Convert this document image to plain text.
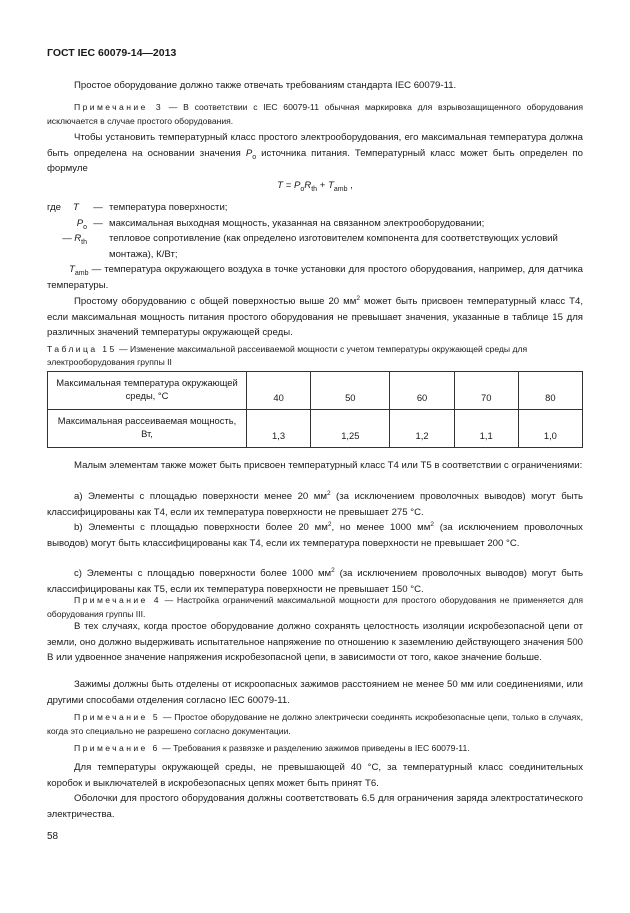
ГОСТ IEC 60079-14—2013

Простое оборудование должно также отвечать требованиям стандарта IEC 60079-11.

Примечание 3 — В соответствии с IEC 60079-11 обычная маркировка для взрывозащищенного оборудования исключается в случае простого оборудования.

Чтобы установить температурный класс простого электрооборудования, его максимальная температура должна быть определена на основании значения $P_o$ источника питания. Температурный класс может быть определен по формуле

$T = P_oR_{th} + T_{amb}$ ,
где T — температура поверхности;
$P_o$ — максимальная выходная мощность, указанная на связанном электрооборудовании;
$R_{th}—$	тепловое сопротивление (как определено изготовителем компонента для соответствующих условий монтажа), К/Вт;
$T_{amb}$ — температура окружающего воздуха в точке установки для простого оборудования, например, для датчика температуры.

Простому оборудованию с общей поверхностью выше 20 $мм^2$ может быть присвоен температурный класс Т4, если максимальная мощность питания простого оборудования не превышает значения, указанные в таблице 15 для различных значений температуры окружающей среды.

Таблица 15 — Изменение максимальной рассеиваемой мощности с учетом температуры окружающей среды для электрооборудования группы II
Максимальная температура окружающей среды, °С	40	50	60	70	80
Максимальная рассеиваемая мощность, Вт,	1,3	1,25	1,2	1,1	1,0

Малым элементам также может быть присвоен температурный класс Т4 или Т5 в соответствии с ограничениями:

a) Элементы с площадью поверхности менее 20 $мм^2$ (за исключением проволочных выводов) могут быть классифицированы как Т4, если их температура поверхности не превышает 275 °С.

b) Элементы с площадью поверхности более 20 $мм^2$, но менее 1000 $мм^2$ (за исключением проволочных выводов) могут быть классифицированы как Т4, если их температура поверхности не превышает 200 °С.

c) Элементы с площадью поверхности более 1000 $мм^2$ (за исключением проволочных выводов) могут быть классифицированы как Т5, если их температура поверхности не превышает 150 °С.

Примечание 4 — Настройка ограничений максимальной мощности для простого оборудования не применяется для оборудования группы III.

В тех случаях, когда простое оборудование должно сохранять целостность изоляции искробезопасной цепи от земли, оно должно выдерживать испытательное напряжение по отношению к заземлению действующего значения 500 В или удвоенное значение напряжения искробезопасной цепи, в зависимости от того, какое значение больше.

Зажимы должны быть отделены от искроопасных зажимов расстоянием не менее 50 мм или соединениями, или другими способами отделения согласно IEC 60079-11.

Примечание 5 — Простое оборудование не должно электрически соединять искробезопасные цепи, только в случаях, когда это специально не разрешено согласно документации.

Примечание 6 — Требования к развязке и разделению зажимов приведены в IEC 60079-11.

Для температуры окружающей среды, не превышающей 40 °С, за температурный класс соединительных коробок и выключателей в искробезопасных цепях может быть принят Т6.

Оболочки для простого оборудования должны соответствовать 6.5 для ограничения заряда электростатического электричества.

58
